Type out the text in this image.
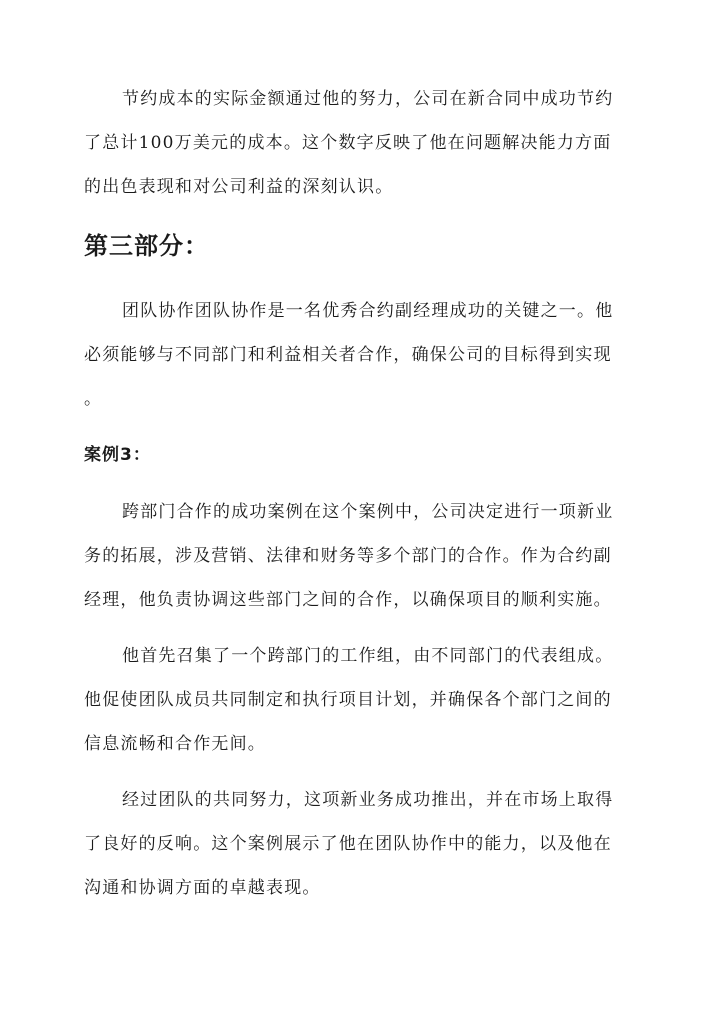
节约成本的实际金额通过他的努力，公司在新合同中成功节约

了总计100万美元的成本。这个数字反映了他在问题解决能力方面

的出色表现和对公司利益的深刻认识。

第三部分：

团队协作团队协作是一名优秀合约副经理成功的关键之一。他

必须能够与不同部门和利益相关者合作，确保公司的目标得到实现

。

案例3：

跨部门合作的成功案例在这个案例中，公司决定进行一项新业

务的拓展，涉及营销、法律和财务等多个部门的合作。作为合约副

经理，他负责协调这些部门之间的合作，以确保项目的顺利实施。

他首先召集了一个跨部门的工作组，由不同部门的代表组成。

他促使团队成员共同制定和执行项目计划，并确保各个部门之间的

信息流畅和合作无间。

经过团队的共同努力，这项新业务成功推出，并在市场上取得

了良好的反响。这个案例展示了他在团队协作中的能力，以及他在

沟通和协调方面的卓越表现。
